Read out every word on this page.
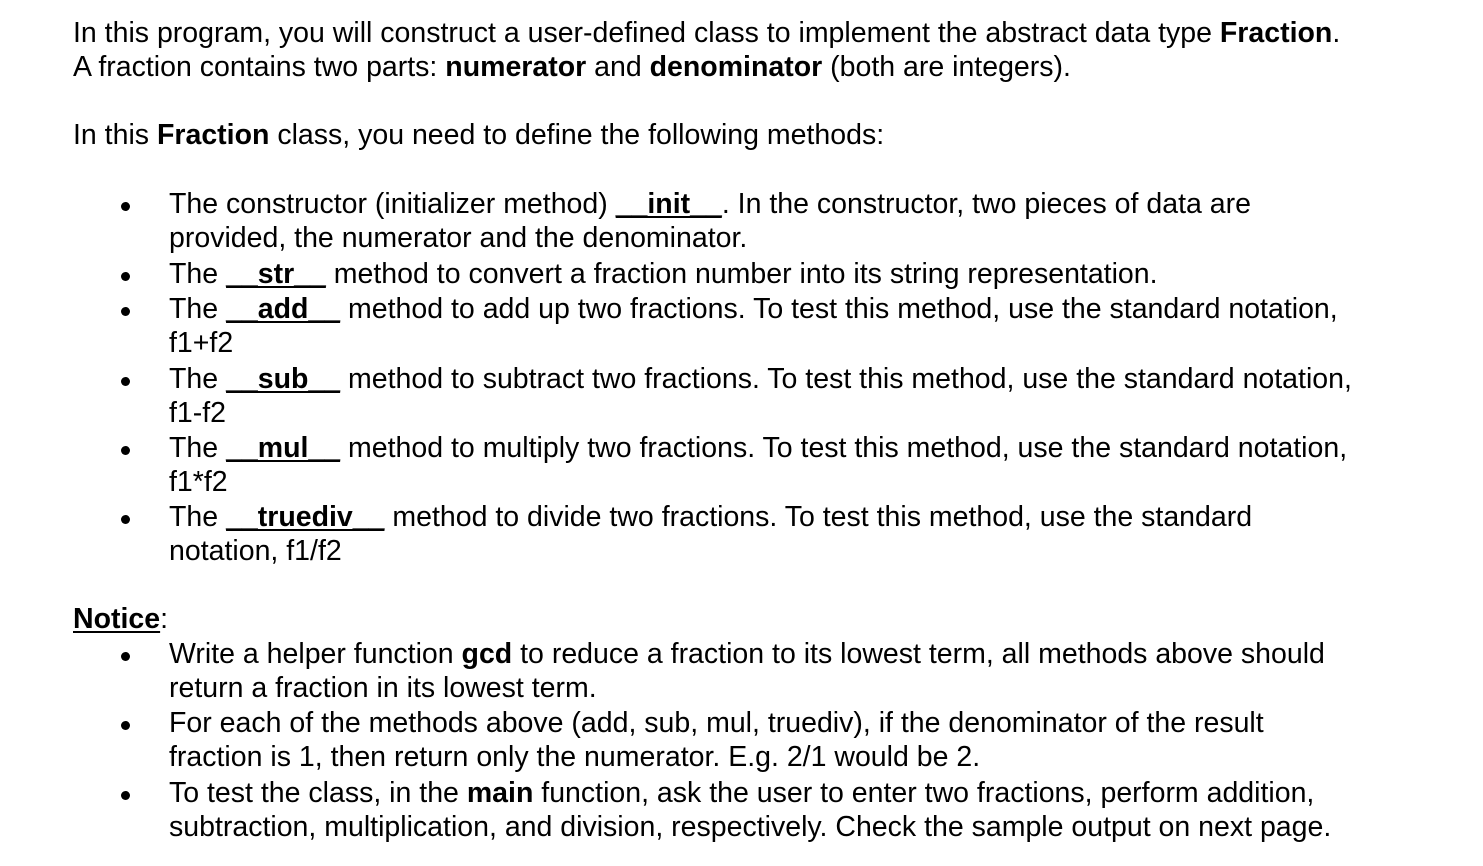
In this program, you will construct a user-defined class to implement the abstract data type Fraction.
A fraction contains two parts: numerator and denominator (both are integers).
In this Fraction class, you need to define the following methods:
The constructor (initializer method) __init__. In the constructor, two pieces of data are
provided, the numerator and the denominator.
The __str__ method to convert a fraction number into its string representation.
The __add__ method to add up two fractions. To test this method, use the standard notation,
f1+f2
The __sub__ method to subtract two fractions. To test this method, use the standard notation,
f1-f2
The __mul__ method to multiply two fractions. To test this method, use the standard notation,
f1*f2
The __truediv__ method to divide two fractions. To test this method, use the standard
notation, f1/f2
Notice:
Write a helper function gcd to reduce a fraction to its lowest term, all methods above should
return a fraction in its lowest term.
For each of the methods above (add, sub, mul, truediv), if the denominator of the result
fraction is 1, then return only the numerator. E.g. 2/1 would be 2.
To test the class, in the main function, ask the user to enter two fractions, perform addition,
subtraction, multiplication, and division, respectively. Check the sample output on next page.
